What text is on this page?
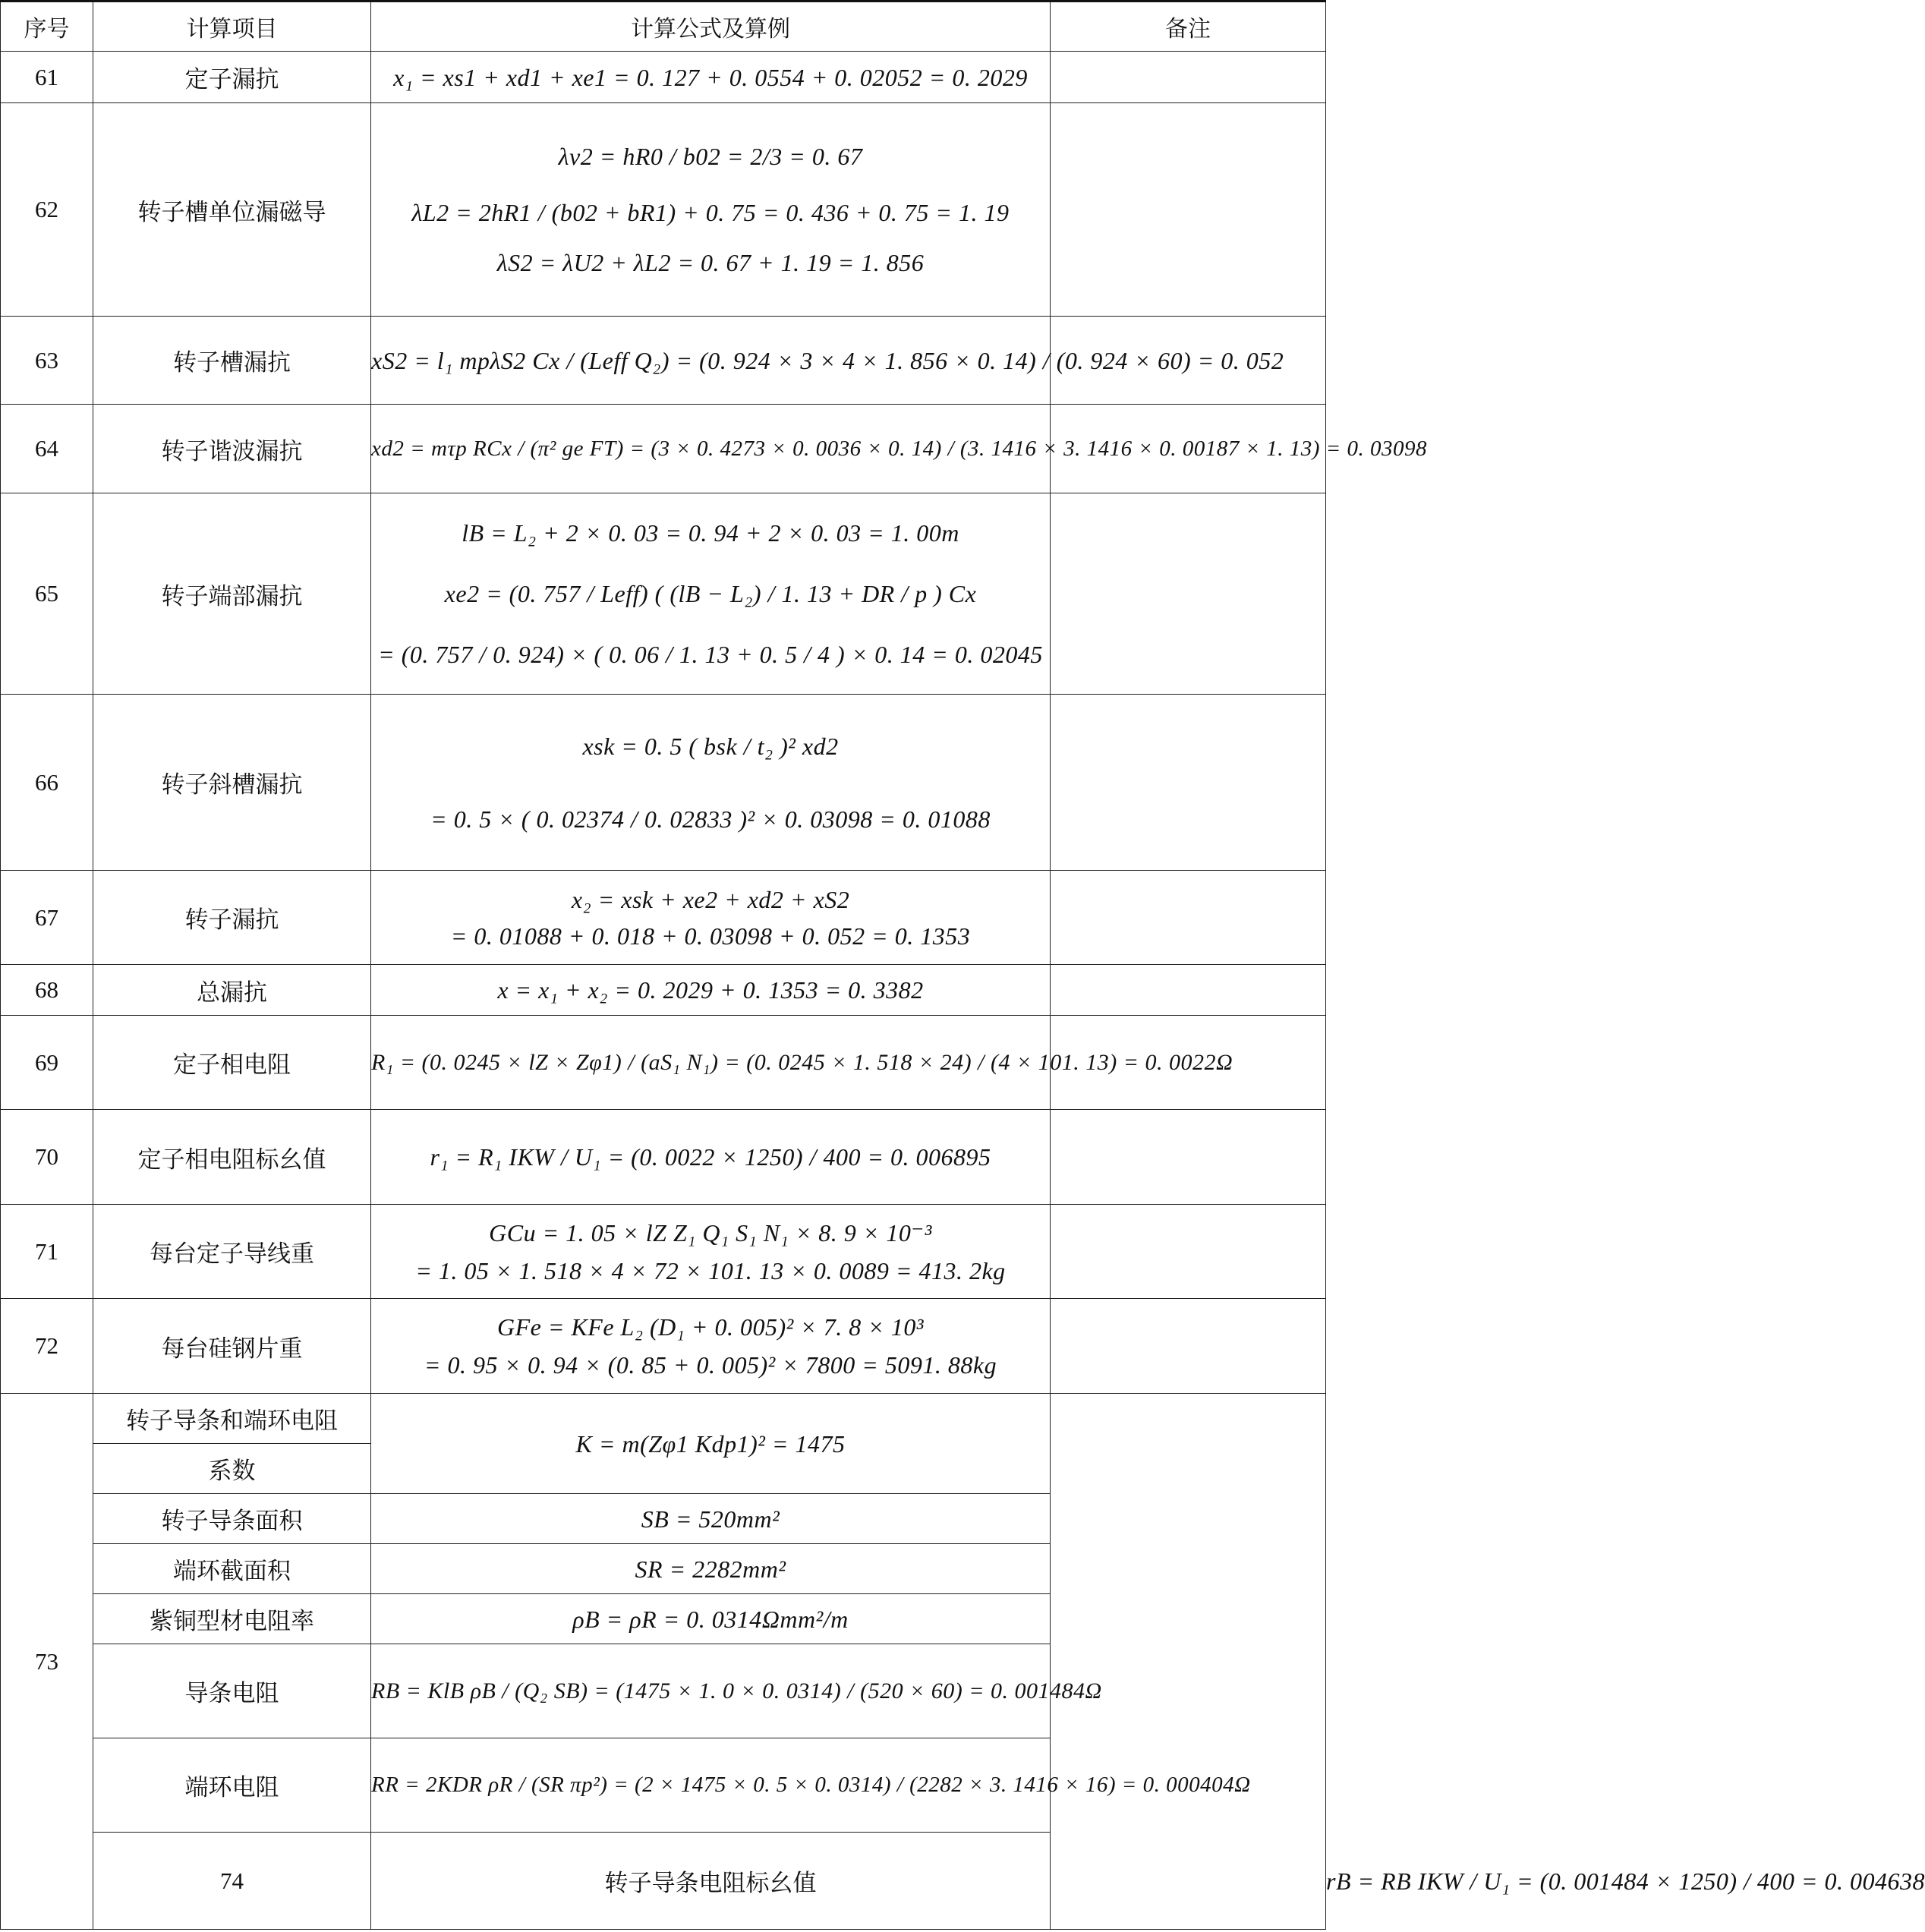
序号	计算项目	计算公式及算例	备注	
61	定子漏抗	x₁ = xs1 + xd1 + xe1 = 0. 127 + 0. 0554 + 0. 02052 = 0. 2029		

62	转子槽单位漏磁导	λv2 = hR0 / b02 = 2/3 = 0. 67
λL2 = 2hR1 / (b02 + bR1) + 0. 75 = 0. 436 + 0. 75 = 1. 19
λS2 = λU2 + λL2 = 0. 67 + 1. 19 = 1. 856		

63	转子槽漏抗	xS2 = l₁ mpλS2 Cx / (Leff Q₂) = (0. 924 × 3 × 4 × 1. 856 × 0. 14) / (0. 924 × 60) = 0. 052		

64	转子谐波漏抗	xd2 = mτp RCx / (π² ge FT) = (3 × 0. 4273 × 0. 0036 × 0. 14) / (3. 1416 × 3. 1416 × 0. 00187 × 1. 13) = 0. 03098		

65	转子端部漏抗	lB = L₂ + 2 × 0. 03 = 0. 94 + 2 × 0. 03 = 1. 00m
xe2 = (0. 757 / Leff) ( (lB − L₂) / 1. 13 + DR / p ) Cx
= (0. 757 / 0. 924) × ( 0. 06 / 1. 13 + 0. 5 / 4 ) × 0. 14 = 0. 02045		

66	转子斜槽漏抗	xsk = 0. 5 ( bsk / t₂ )² xd2
= 0. 5 × ( 0. 02374 / 0. 02833 )² × 0. 03098 = 0. 01088		

67	转子漏抗	x₂ = xsk + xe2 + xd2 + xS2
= 0. 01088 + 0. 018 + 0. 03098 + 0. 052 = 0. 1353		

68	总漏抗	x = x₁ + x₂ = 0. 2029 + 0. 1353 = 0. 3382		

69	定子相电阻	R₁ = (0. 0245 × lZ × Zφ1) / (aS₁ N₁) = (0. 0245 × 1. 518 × 24) / (4 × 101. 13) = 0. 0022Ω		

70	定子相电阻标幺值	r₁ = R₁ IKW / U₁ = (0. 0022 × 1250) / 400 = 0. 006895		

71	每台定子导线重	GCu = 1. 05 × lZ Z₁ Q₁ S₁ N₁ × 8. 9 × 10⁻³
= 1. 05 × 1. 518 × 4 × 72 × 101. 13 × 0. 0089 = 413. 2kg		

72	每台硅钢片重	GFe = KFe L₂ (D₁ + 0. 005)² × 7. 8 × 10³
= 0. 95 × 0. 94 × (0. 85 + 0. 005)² × 7800 = 5091. 88kg		

73	转子导条和端环电阻	K = m(Zφ1 Kdp1)² = 1475		

	系数			
	转子导条面积	SB = 520mm²		

	端环截面积	SR = 2282mm²		

	紫铜型材电阻率	ρB = ρR = 0. 0314Ωmm²/m		

	导条电阻	RB = KlB ρB / (Q₂ SB) = (1475 × 1. 0 × 0. 0314) / (520 × 60) = 0. 001484Ω		

	端环电阻	RR = 2KDR ρR / (SR πp²) = (2 × 1475 × 0. 5 × 0. 0314) / (2282 × 3. 1416 × 16) = 0. 000404Ω		

	74	转子导条电阻标幺值		rB = RB IKW / U₁ = (0. 001484 × 1250) / 400 = 0. 004638
